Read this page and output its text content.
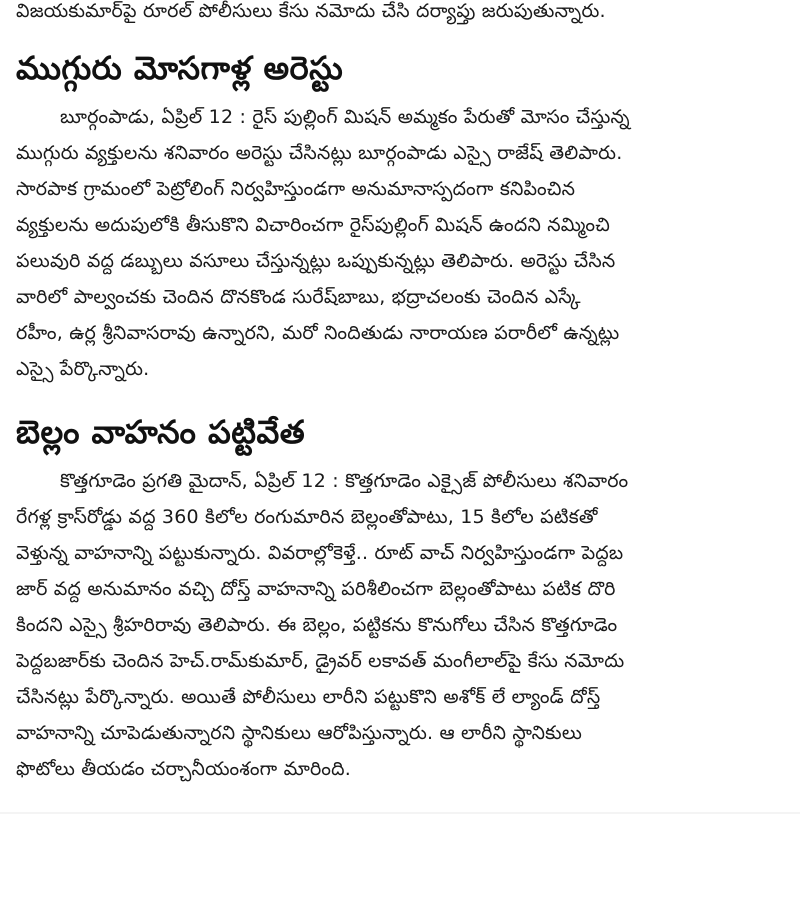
విజయకుమార్‌పై రూరల్ పోలీసులు కేసు నమోదు చేసి దర్యాప్తు జరుపుతున్నారు.
ముగ్గురు మోసగాళ్ల అరెస్టు
బూర్గంపాడు, ఏప్రిల్ 12 : రైస్ పుల్లింగ్ మిషన్ అమ్మకం పేరుతో మోసం చేస్తున్న
ముగ్గురు వ్యక్తులను శనివారం అరెస్టు చేసినట్లు బూర్గంపాడు ఎస్సై రాజేష్ తెలిపారు.
సారపాక గ్రామంలో పెట్రోలింగ్ నిర్వహిస్తుండగా అనుమానాస్పదంగా కనిపించిన
వ్యక్తులను అదుపులోకి తీసుకొని విచారించగా రైస్‌పుల్లింగ్ మిషన్ ఉందని నమ్మించి
పలువురి వద్ద డబ్బులు వసూలు చేస్తున్నట్లు ఒప్పుకున్నట్లు తెలిపారు. అరెస్టు చేసిన
వారిలో పాల్వంచకు చెందిన దొనకొండ సురేష్‌బాబు, భద్రాచలంకు చెందిన ఎస్కే
రహీం, ఉర్ల శ్రీనివాసరావు ఉన్నారని, మరో నిందితుడు నారాయణ పరారీలో ఉన్నట్లు
ఎస్సై పేర్కొన్నారు.
బెల్లం వాహనం పట్టివేత
కొత్తగూడెం ప్రగతి మైదాన్, ఏప్రిల్ 12 : కొత్తగూడెం ఎక్సైజ్ పోలీసులు శనివారం
రేగళ్ల క్రాస్‌రోడ్డు వద్ద 360 కిలోల రంగుమారిన బెల్లంతోపాటు, 15 కిలోల పటికతో
వెళ్తున్న వాహనాన్ని పట్టుకున్నారు. వివరాల్లోకెళ్తే.. రూట్ వాచ్ నిర్వహిస్తుండగా పెద్దబ
జార్ వద్ద అనుమానం వచ్చి దోస్త్ వాహనాన్ని పరిశీలించగా బెల్లంతోపాటు పటిక దొరి
కిందని ఎస్సై శ్రీహరిరావు తెలిపారు. ఈ బెల్లం, పట్టికను కొనుగోలు చేసిన కొత్తగూడెం
పెద్దబజార్‌కు చెందిన హెచ్.రామ్‌కుమార్, డ్రైవర్ లకావత్ మంగీలాల్‌పై కేసు నమోదు
చేసినట్లు పేర్కొన్నారు. అయితే పోలీసులు లారీని పట్టుకొని అశోక్ లే ల్యాండ్ దోస్త్
వాహనాన్ని చూపెడుతున్నారని స్థానికులు ఆరోపిస్తున్నారు. ఆ లారీని స్థానికులు
ఫొటోలు తీయడం చర్చానీయంశంగా మారింది.
